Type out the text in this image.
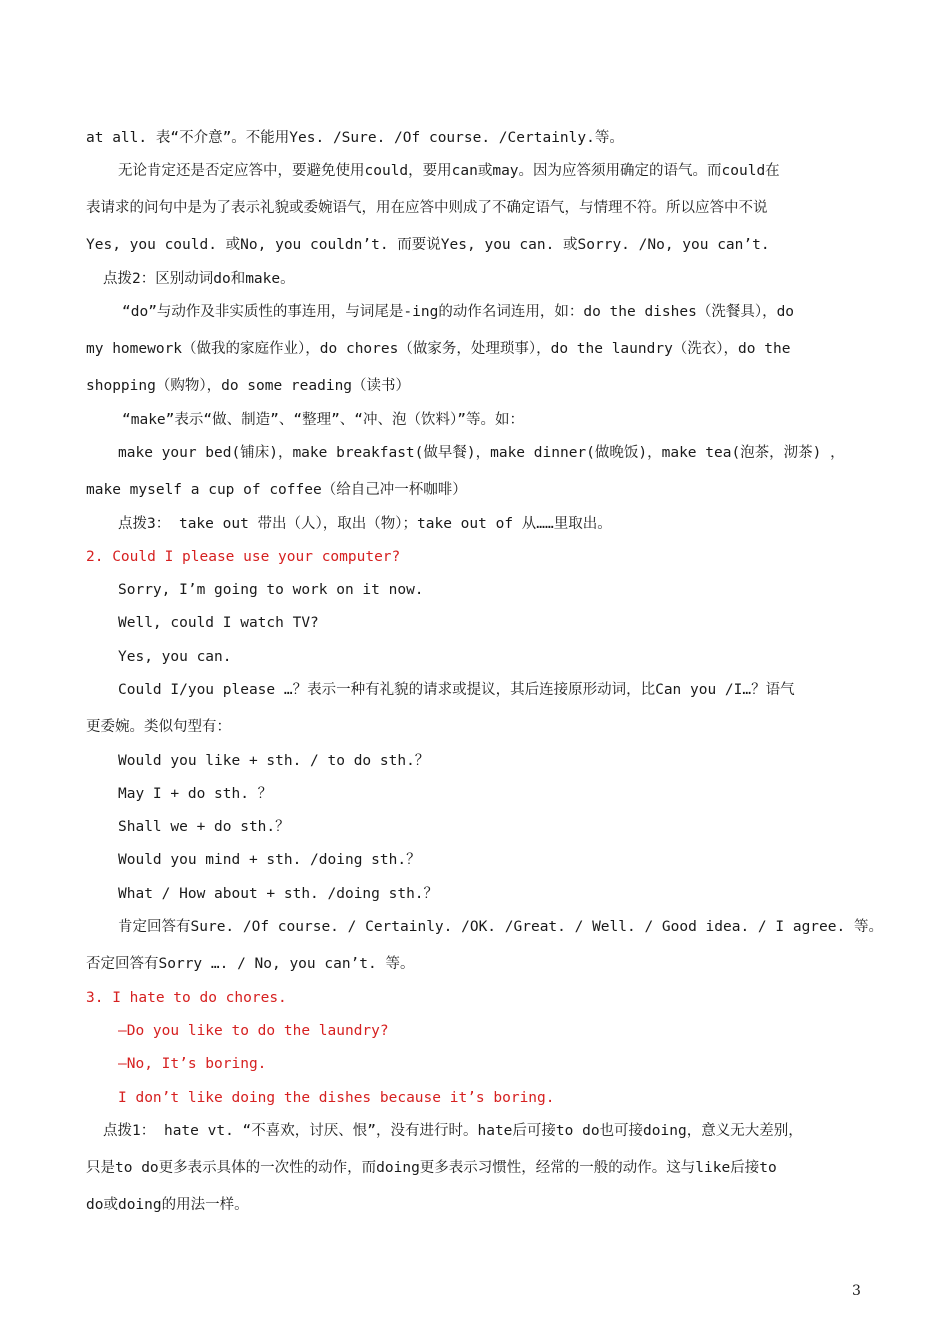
at all. 表“不介意”。不能用Yes. /Sure. /Of course. /Certainly.等。
无论肯定还是否定应答中，要避免使用could，要用can或may。因为应答须用确定的语气。而could在
表请求的问句中是为了表示礼貌或委婉语气，用在应答中则成了不确定语气，与情理不符。所以应答中不说
Yes, you could. 或No, you couldn’t. 而要说Yes, you can. 或Sorry. /No, you can’t.
点拨2：区别动词do和make。
“do”与动作及非实质性的事连用，与词尾是-ing的动作名词连用，如：do the dishes（洗餐具），do
my homework（做我的家庭作业），do chores（做家务，处理琐事），do the laundry（洗衣），do the
shopping（购物），do some reading（读书）
“make”表示“做、制造”、“整理”、“冲、泡（饮料）”等。如：
make your bed(铺床)，make breakfast(做早餐)，make dinner(做晚饭)，make tea(泡茶，沏茶) ，
make myself a cup of coffee（给自己冲一杯咖啡）
点拨3： take out 带出（人），取出（物）；take out of 从……里取出。
2. Could I please use your computer?
Sorry, I’m going to work on it now.
Well, could I watch TV?
Yes, you can.
Could I/you please …？表示一种有礼貌的请求或提议，其后连接原形动词，比Can you /I…？语气
更委婉。类似句型有：
Would you like + sth. / to do sth.？
May I + do sth. ？
Shall we + do sth.？
Would you mind + sth. /doing sth.？
What / How about + sth. /doing sth.？
肯定回答有Sure. /Of course. / Certainly. /OK. /Great. / Well. / Good idea. / I agree. 等。
否定回答有Sorry …. / No, you can’t. 等。
3. I hate to do chores.
—Do you like to do the laundry?
—No, It’s boring.
I don’t like doing the dishes because it’s boring.
点拨1： hate vt. “不喜欢，讨厌、恨”，没有进行时。hate后可接to do也可接doing，意义无大差别，
只是to do更多表示具体的一次性的动作，而doing更多表示习惯性，经常的一般的动作。这与like后接to
do或doing的用法一样。
3
